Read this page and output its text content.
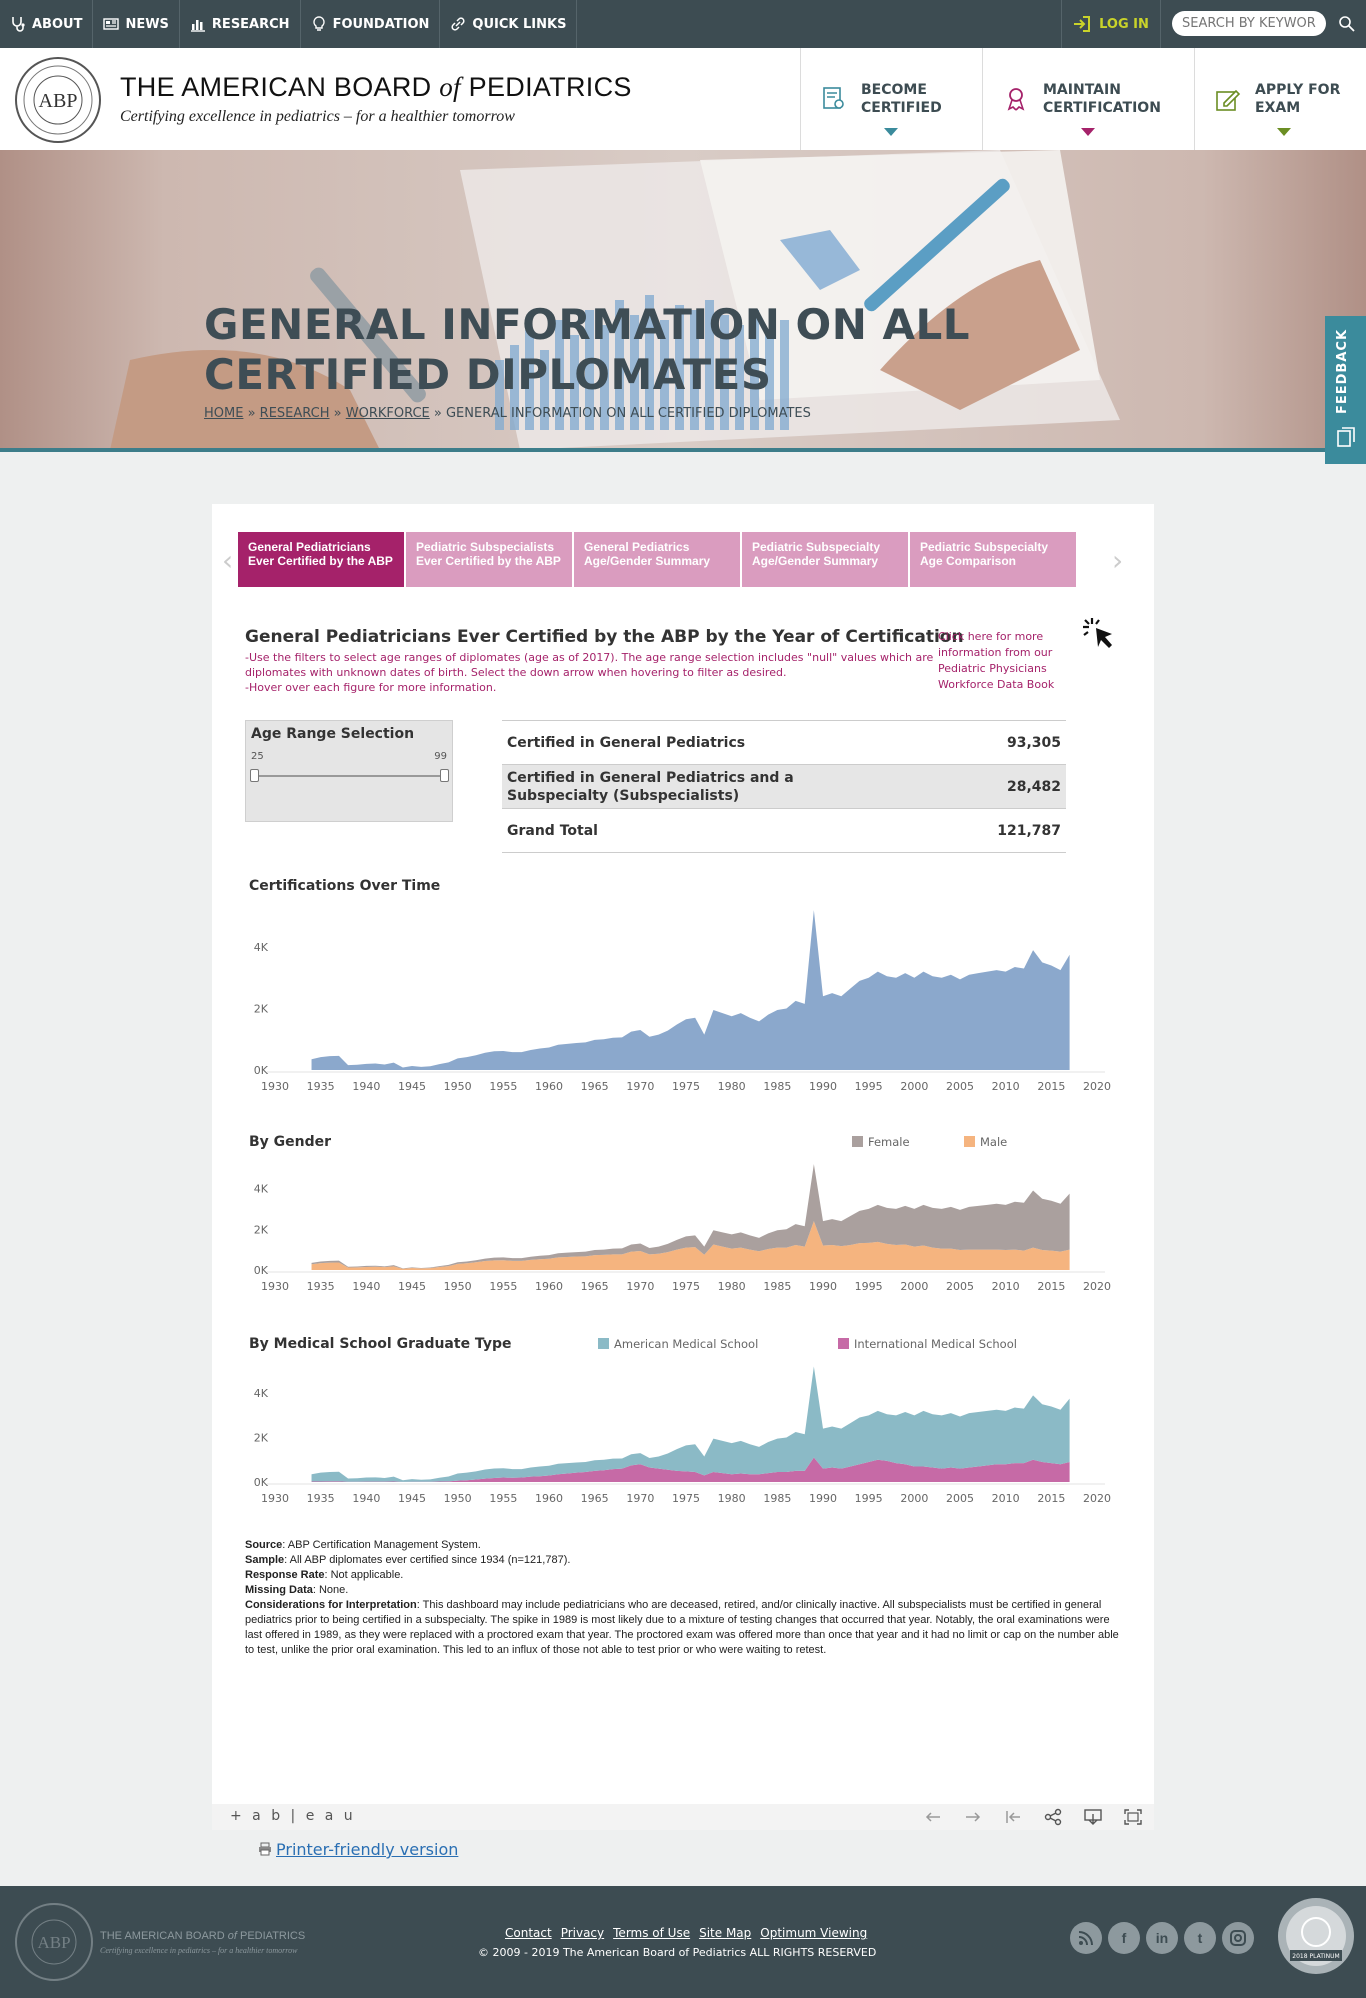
ABOUT	NEWS	RESEARCH	FOUNDATION	QUICK LINKS	LOG IN
SEARCH BY KEYWORD
ABP THE AMERICAN BOARD of PEDIATRICS
Certifying excellence in pediatrics – for a healthier tomorrow
BECOME CERTIFIED
MAINTAIN CERTIFICATION
APPLY FOR EXAM
GENERAL INFORMATION ON ALL CERTIFIED DIPLOMATES
HOME » RESEARCH » WORKFORCE » GENERAL INFORMATION ON ALL CERTIFIED DIPLOMATES	FEEDBACK
‹	General Pediatricians Ever Certified by the ABP
Pediatric Subspecialists Ever Certified by the ABP
General Pediatrics Age/Gender Summary
Pediatric Subspecialty Age/Gender Summary
Pediatric Subspecialty Age Comparison	›
General Pediatricians Ever Certified by the ABP by the Year of Certification
-Use the filters to select age ranges of diplomates (age as of 2017). The age range selection includes "null" values which are diplomates with unknown dates of birth. Select the down arrow when hovering to filter as desired.
-Hover over each figure for more information.
Click here for more information from our Pediatric Physicians Workforce Data Book
Age Range Selection
25	99
Certified in General Pediatrics	93,305
Certified in General Pediatrics and a Subspecialty (Subspecialists)
28,482
Grand Total	121,787
Certifications Over Time
0K
2K
4K
1930 1935 1940 1945 1950 1955 1960 1965 1970 1975 1980 1985 1990 1995 2000 2005 2010 2015 2020
By Gender
0K
2K
4K
1930 1935 1940 1945 1950 1955 1960 1965 1970 1975 1980 1985 1990 1995 2000 2005 2010 2015 2020
Female	Male
By Medical School Graduate Type
0K
2K
4K
1930 1935 1940 1945 1950 1955 1960 1965 1970 1975 1980 1985 1990 1995 2000 2005 2010 2015 2020
American Medical School	International Medical School
Source: ABP Certification Management System.
Sample: All ABP diplomates ever certified since 1934 (n=121,787).
Response Rate: Not applicable.
Missing Data: None.
Considerations for Interpretation: This dashboard may include pediatricians who are deceased, retired, and/or clinically inactive. All subspecialists must be certified in general pediatrics prior to being certified in a subspecialty. The spike in 1989 is most likely due to a mixture of testing changes that occurred that year. Notably, the oral examinations were last offered in 1989, as they were replaced with a proctored exam that year. The proctored exam was offered more than once that year and it had no limit or cap on the number able to test, unlike the prior oral examination. This led to an influx of those not able to test prior or who were waiting to retest.
+ a b | e a u
Printer-friendly version
ABP	THE AMERICAN BOARD of PEDIATRICS
Certifying excellence in pediatrics – for a healthier tomorrow
Contact Privacy Terms of Use Site Map Optimum Viewing
© 2009 - 2019 The American Board of Pediatrics ALL RIGHTS RESERVED
f	in	t
2018 PLATINUM
